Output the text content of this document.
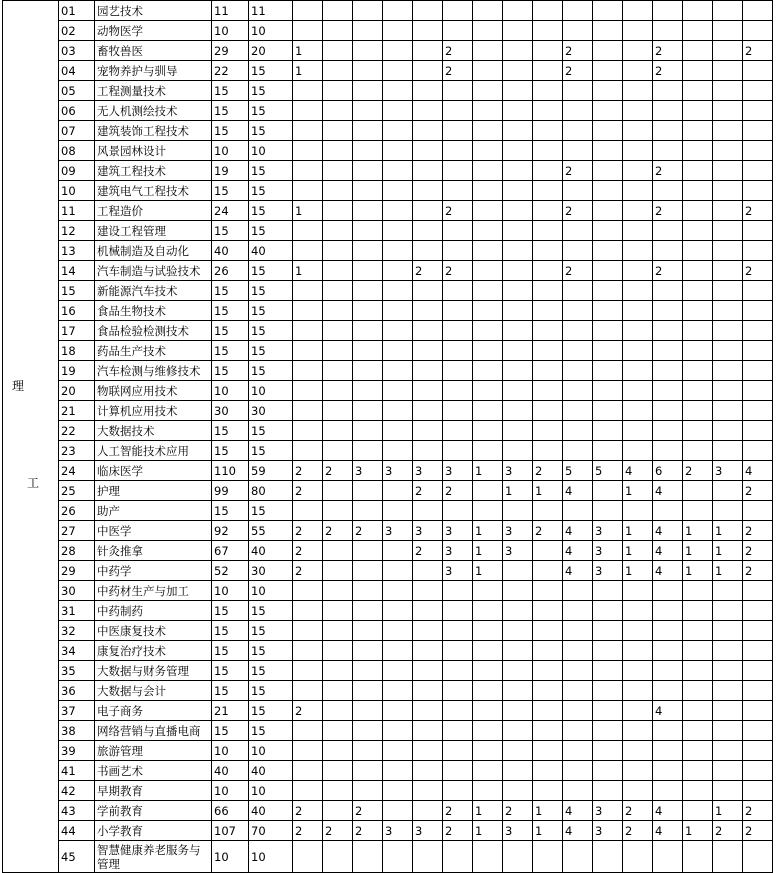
理
工	01	园艺技术	11	11																
	02	动物医学	10	10																
	03	畜牧兽医	29	20	1					2				2			2			2
	04	宠物养护与驯导	22	15	1					2				2			2			
	05	工程测量技术	15	15																
	06	无人机测绘技术	15	15																
	07	建筑装饰工程技术	15	15																
	08	风景园林设计	10	10																
	09	建筑工程技术	19	15										2			2			
	10	建筑电气工程技术	15	15																
	11	工程造价	24	15	1					2				2			2			2
	12	建设工程管理	15	15																
	13	机械制造及自动化	40	40																
	14	汽车制造与试验技术	26	15	1				2	2				2			2			2
	15	新能源汽车技术	15	15																
	16	食品生物技术	15	15																
	17	食品检验检测技术	15	15																
	18	药品生产技术	15	15																
	19	汽车检测与维修技术	15	15																
	20	物联网应用技术	10	10																
	21	计算机应用技术	30	30																
	22	大数据技术	15	15																
	23	人工智能技术应用	15	15																
	24	临床医学	110	59	2	2	3	3	3	3	1	3	2	5	5	4	6	2	3	4
	25	护理	99	80	2				2	2		1	1	4		1	4			2
	26	助产	15	15																
	27	中医学	92	55	2	2	2	3	3	3	1	3	2	4	3	1	4	1	1	2
	28	针灸推拿	67	40	2				2	3	1	3		4	3	1	4	1	1	2
	29	中药学	52	30	2					3	1			4	3	1	4	1	1	2
	30	中药材生产与加工	10	10																
	31	中药制药	15	15																
	32	中医康复技术	15	15																
	34	康复治疗技术	15	15																
	35	大数据与财务管理	15	15																
	36	大数据与会计	15	15																
	37	电子商务	21	15	2												4			
	38	网络营销与直播电商	15	15																
	39	旅游管理	10	10																
	41	书画艺术	40	40																
	42	早期教育	10	10																
	43	学前教育	66	40	2		2			2	1	2	1	4	3	2	4		1	2
	44	小学教育	107	70	2	2	2	3	3	2	1	3	1	4	3	2	4	1	2	2
	45	智慧健康养老服务与管理	10	10																
